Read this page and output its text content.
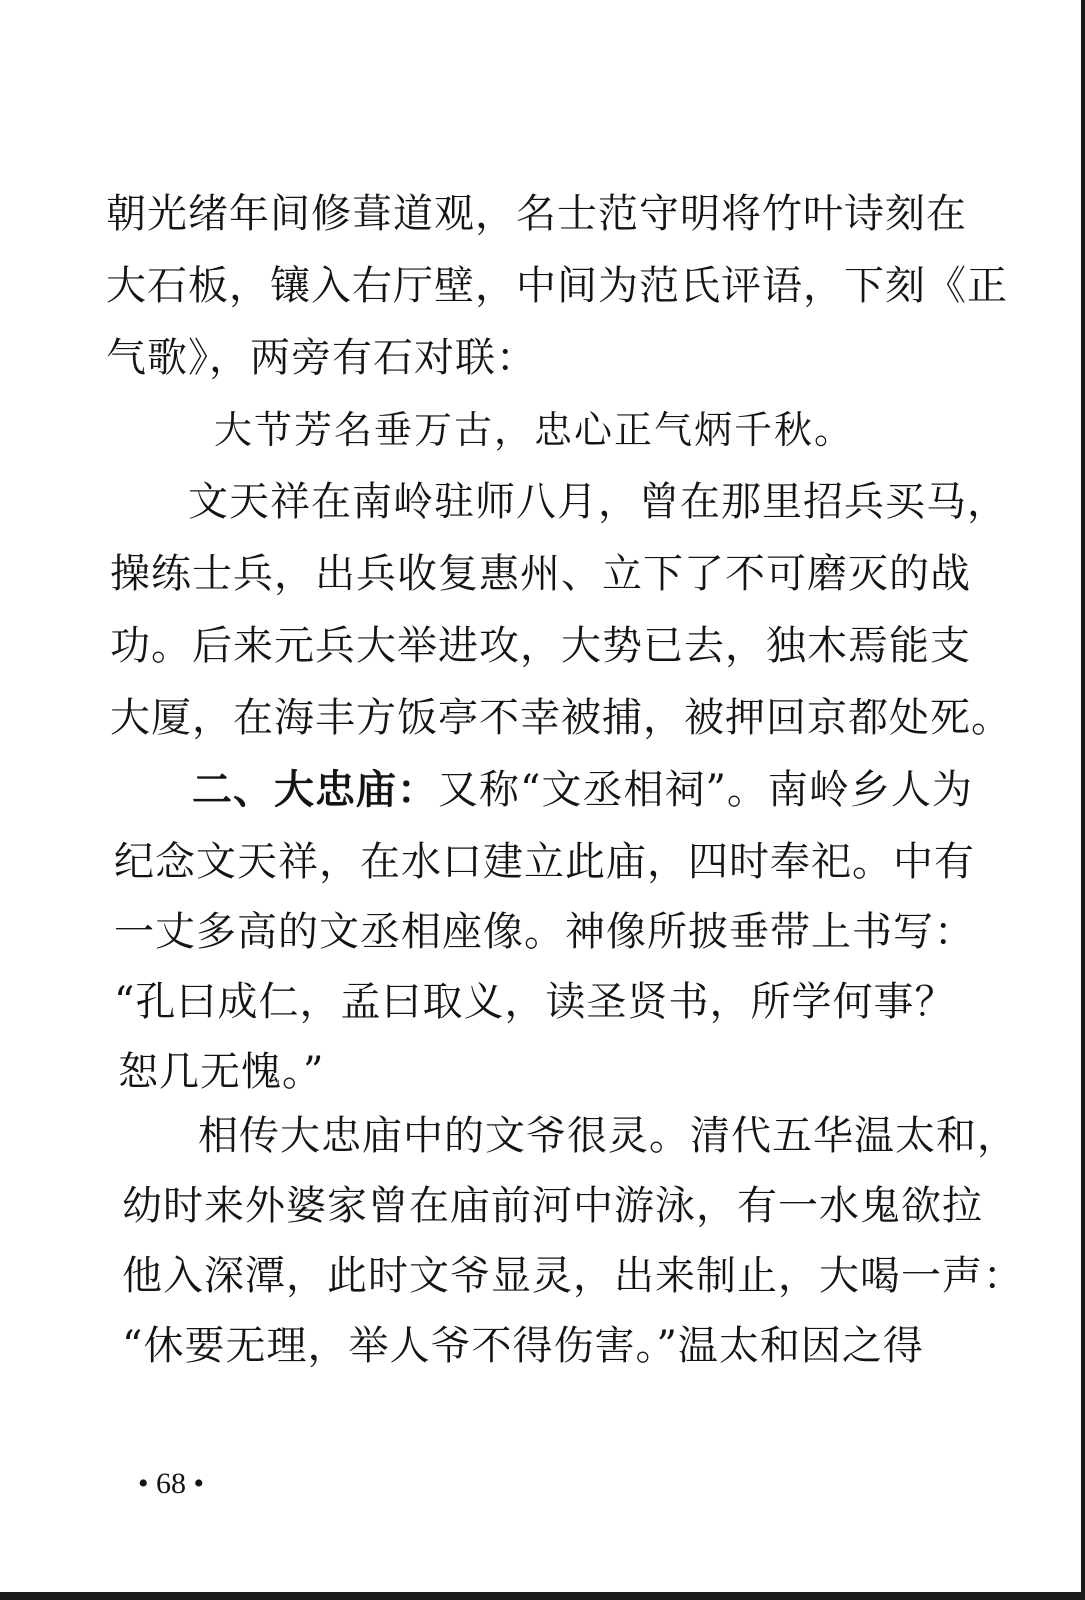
朝光绪年间修葺道观，名士范守明将竹叶诗刻在
大石板，镶入右厅壁，中间为范氏评语，下刻《正
气歌》，两旁有石对联：
大节芳名垂万古，忠心正气炳千秋。
文天祥在南岭驻师八月，曾在那里招兵买马，
操练士兵，出兵收复惠州、立下了不可磨灭的战
功。后来元兵大举进攻，大势已去，独木焉能支
大厦，在海丰方饭亭不幸被捕，被押回京都处死。
二、大忠庙：又称“文丞相祠”。南岭乡人为
纪念文天祥，在水口建立此庙，四时奉祀。中有
一丈多高的文丞相座像。神像所披垂带上书写：
“孔曰成仁，孟曰取义，读圣贤书，所学何事？
恕几无愧。”
相传大忠庙中的文爷很灵。清代五华温太和，
幼时来外婆家曾在庙前河中游泳，有一水鬼欲拉
他入深潭，此时文爷显灵，出来制止，大喝一声：
“休要无理，举人爷不得伤害。”温太和因之得
• 68 •
